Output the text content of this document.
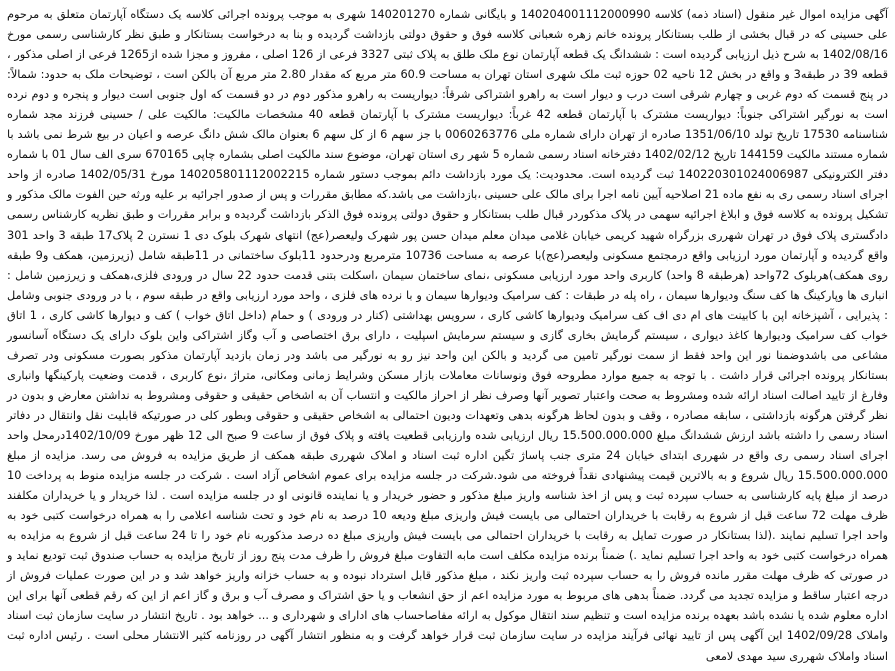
آگهی مزایده اموال غیر منقول (اسناد ذمه) کلاسه 140204001112000990 و بایگانی شماره 140201270 شهری به موجب پرونده اجرائی کلاسه یک دستگاه آپارتمان متعلق به مرحوم علی حسینی که در قبال بخشی از طلب بستانکار پرونده خانم زهره شعبانی کلاسه فوق و حقوق دولتی بازداشت گردیده و بنا به درخواست بستانکار و طبق نظر کارشناسی رسمی مورخ 1402/08/16 به شرح ذیل ارزیابی گردیده است : ششدانگ یک قطعه آپارتمان نوع ملک طلق به پلاک ثبتی 3327 فرعی از 126 اصلی ، مفروز و مجزا شده از1265 فرعی از اصلی مذکور ، قطعه 39 در طبقه3 و واقع در بخش 12 ناحیه 02 حوزه ثبت ملک شهری استان تهران به مساحت 60.9 متر مربع که مقدار 2.80 متر مربع آن بالکن است ، توضیحات ملک به حدود: شمالاً: در پنج قسمت که دوم غربی و چهارم شرقی است درب و دیوار است به راهرو اشتراکی شرقاً: دیواریست به راهرو مذکور دوم در دو قسمت که اول جنوبی است دیوار و پنجره و دوم نرده است به نورگیر اشتراکی جنوباً: دیواریست مشترک با آپارتمان قطعه 42 غرباً: دیواریست مشترک با آپارتمان قطعه 40 مشخصات مالکیت: مالکیت علی / حسینی فرزند مجد شماره شناسنامه 17530 تاریخ تولد 1351/06/10 صادره از تهران دارای شماره ملی 0060263776 با جز سهم 6 از کل سهم 6 بعنوان مالک شش دانگ عرصه و اعیان در بیع شرط نمی باشد با شماره مستند مالکیت 144159 تاریخ 1402/02/12 دفترخانه اسناد رسمی شماره 5 شهر ری استان تهران، موضوع سند مالکیت اصلی بشماره چاپی 670165 سری الف سال 01 با شماره دفتر الکترونیکی 140220301024006987 ثبت گردیده است. محدودیت: یک مورد بازداشت دائم بموجب دستور شماره 140205801112002215 مورخ 1402/05/31 صادره از واحد اجرای اسناد رسمی ری به نفع ماده 21 اصلاحیه آیین نامه اجرا برای مالک علی حسینی ،بازداشت می باشد.که مطابق مقررات و پس از صدور اجرائیه بر علیه ورثه حین الفوت مالک مذکور و تشکیل پرونده به کلاسه فوق و ابلاغ اجرائیه سهمی در پلاک مذکوردر قبال طلب بستانکار و حقوق دولتی پرونده فوق الذکر بازداشت گردیده و برابر مقررات و طبق نظریه کارشناس رسمی دادگستری پلاک فوق در تهران شهرری بزرگراه شهید کریمی خیابان غلامی میدان معلم میدان حسن پور شهرک ولیعصر(عج) انتهای شهرک بلوک دی 1 نسترن 2 پلاک17 طبقه 3 واحد 301 واقع گردیده و آپارتمان مورد ارزیابی واقع درمجتمع مسکونی ولیعصر(عج)با عرصه به مساحت 10736 مترمربع ودرحدود 11بلوک ساختمانی در 11طبقه شامل (زیرزمین، همکف و9 طبقه روی همکف)هربلوک 72واحد (هرطبقه 8 واحد) کاربری واحد مورد ارزیابی مسکونی ،نمای ساختمان سیمان ،اسکلت بتنی قدمت حدود 22 سال در ورودی فلزی،همکف و زیرزمین شامل : انباری ها وپارکینگ ها کف سنگ ودیوارها سیمان ، راه پله در طبقات : کف سرامیک ودیوارها سیمان و با نرده های فلزی ، واحد مورد ارزیابی واقع در طبقه سوم ، با در ورودی جنوبی وشامل : پذیرایی ، آشپزخانه اپن با کابینت های ام دی اف کف سرامیک ودیوارها کاشی کاری ، سرویس بهداشتی (کنار در ورودی ) و حمام (داخل اتاق خواب ) کف و دیوارها کاشی کاری ، 1 اتاق خواب کف سرامیک ودیوارها کاغذ دیواری ، سیستم گرمایش بخاری گازی و سیستم سرمایش اسپلیت ، دارای برق اختصاصی و آب وگاز اشتراکی واین بلوک دارای یک دستگاه آسانسور مشاعی می باشدوضمنا نور این واحد فقط از سمت نورگیر تامین می گردید و بالکن این واحد نیز رو به نورگیر می باشد ودر زمان بازدید آپارتمان مذکور بصورت مسکونی ودر تصرف بستانکار پرونده اجرائی قرار داشت . با توجه به جمیع موارد مطروحه فوق ونوسانات معاملات بازار مسکن وشرایط زمانی ومکانی، متراژ ،نوع کاربری ، قدمت وضعیت پارکینگها وانباری وفارغ از تایید اصالت اسناد ارائه شده ومشروط به صحت واعتبار تصویر آنها وصرف نظر از احراز مالکیت و انتساب آن به اشخاص حقیقی و حقوقی ومشروط به نداشتن معارض و بدون در نظر گرفتن هرگونه بازداشتی ، سابقه مصادره ، وقف و بدون لحاظ هرگونه بدهی وتعهدات ودیون احتمالی به اشخاص حقیقی و حقوقی وبطور کلی در صورتیکه قابلیت نقل وانتقال در دفاتر اسناد رسمی را داشته باشد ارزش ششدانگ مبلغ 15.500.000.000 ریال ارزیابی شده وارزیابی قطعیت یافته و پلاک فوق از ساعت 9 صبح الی 12 ظهر مورخ 1402/10/09درمحل واحد اجرای اسناد رسمی ری واقع در شهرری ابتدای خیابان 24 متری جنب پاساژ تگین اداره ثبت اسناد و املاک شهرری طبقه همکف از طریق مزایده به فروش می رسد. مزایده از مبلغ 15.500.000.000 ریال شروع و به بالاترین قیمت پیشنهادی نقداً فروخته می شود.شرکت در جلسه مزایده برای عموم اشخاص آزاد است . شرکت در جلسه مزایده منوط به پرداخت 10 درصد از مبلغ پایه کارشناسی به حساب سپرده ثبت و پس از اخذ شناسه واریز مبلغ مذکور و حضور خریدار و یا نماینده قانونی او در جلسه مزایده است . لذا خریدار و یا خریداران مکلفند ظرف مهلت 72 ساعت قبل از شروع به رقابت با خریداران احتمالی می بایست فیش واریزی مبلغ ودیعه 10 درصد به نام خود و تحت شناسه اعلامی را به همراه درخواست کتبی خود به واحد اجرا تسلیم نمایند .(لذا بستانکار در صورت تمایل به رقابت با خریداران احتمالی می بایست فیش واریزی مبلغ ده درصد مذکوربه نام خود را تا 24 ساعت قبل از شروع به مزایده به همراه درخواست کتبی خود به واحد اجرا تسلیم نماید .) ضمناً برنده مزایده مکلف است مابه التفاوت مبلغ فروش را ظرف مدت پنج روز از تاریخ مزایده به حساب صندوق ثبت تودیع نماید و در صورتی که ظرف مهلت مقرر مانده فروش را به حساب سپرده ثبت واریز نکند ، مبلغ مذکور قابل استرداد نبوده و به حساب خزانه واریز خواهد شد و در این صورت عملیات فروش از درجه اعتبار ساقط و مزایده تجدید می گردد. ضمناً بدهی های مربوط به مورد مزایده اعم از حق انشعاب و یا حق اشتراک و مصرف آب و برق و گاز اعم از این که رقم قطعی آنها برای این اداره معلوم شده یا نشده باشد بعهده برنده مزایده است و تنظیم سند انتقال موکول به ارائه مفاصاحساب های ادارای و شهرداری و ... خواهد بود . تاریخ انتشار در سایت سازمان ثبت اسناد واملاک 1402/09/28 این آگهی پس از تایید نهائی فرآیند مزایده در سایت سازمان ثبت قرار خواهد گرفت و به منظور انتشار آگهی در روزنامه کثیر الانتشار محلی است . رئیس اداره ثبت اسناد واملاک شهرری سید مهدی لامعی
